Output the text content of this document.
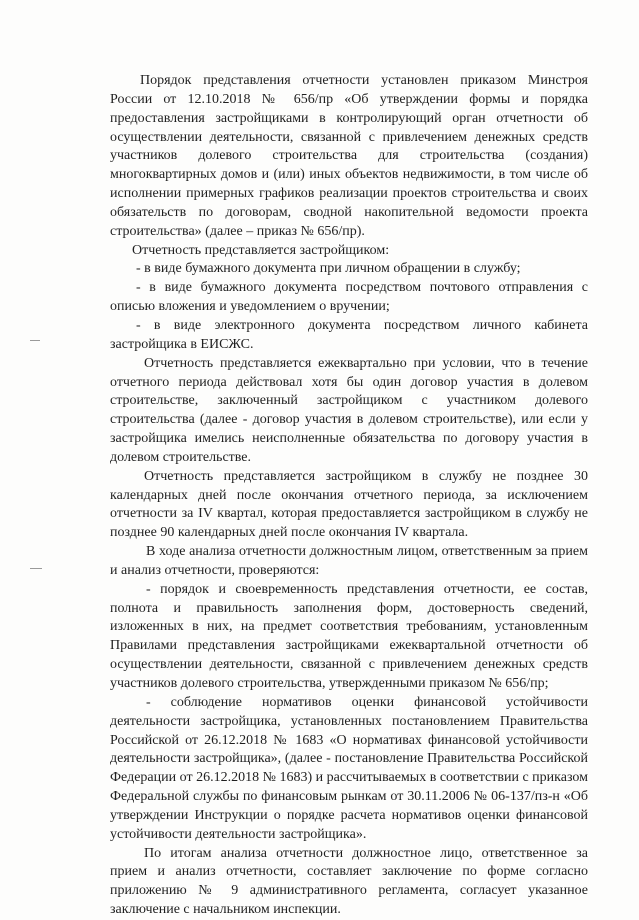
Порядок представления отчетности установлен приказом Минстроя России от 12.10.2018 № 656/пр «Об утверждении формы и порядка предоставления застройщиками в контролирующий орган отчетности об осуществлении деятельности, связанной с привлечением денежных средств участников долевого строительства для строительства (создания) многоквартирных домов и (или) иных объектов недвижимости, в том числе об исполнении примерных графиков реализации проектов строительства и своих обязательств по договорам, сводной накопительной ведомости проекта строительства» (далее – приказ № 656/пр).

Отчетность представляется застройщиком:

- в виде бумажного документа при личном обращении в службу;

- в виде бумажного документа посредством почтового отправления с описью вложения и уведомлением о вручении;

- в виде электронного документа посредством личного кабинета застройщика в ЕИСЖС.

Отчетность представляется ежеквартально при условии, что в течение отчетного периода действовал хотя бы один договор участия в долевом строительстве, заключенный застройщиком с участником долевого строительства (далее - договор участия в долевом строительстве), или если у застройщика имелись неисполненные обязательства по договору участия в долевом строительстве.

Отчетность представляется застройщиком в службу не позднее 30 календарных дней после окончания отчетного периода, за исключением отчетности за IV квартал, которая предоставляется застройщиком в службу не позднее 90 календарных дней после окончания IV квартала.

В ходе анализа отчетности должностным лицом, ответственным за прием и анализ отчетности, проверяются:

- порядок и своевременность представления отчетности, ее состав, полнота и правильность заполнения форм, достоверность сведений, изложенных в них, на предмет соответствия требованиям, установленным Правилами представления застройщиками ежеквартальной отчетности об осуществлении деятельности, связанной с привлечением денежных средств участников долевого строительства, утвержденными приказом № 656/пр;

- соблюдение нормативов оценки финансовой устойчивости деятельности застройщика, установленных постановлением Правительства Российской от 26.12.2018 № 1683 «О нормативах финансовой устойчивости деятельности застройщика», (далее - постановление Правительства Российской Федерации от 26.12.2018 № 1683) и рассчитываемых в соответствии с приказом Федеральной службы по финансовым рынкам от 30.11.2006 № 06-137/пз-н «Об утверждении Инструкции о порядке расчета нормативов оценки финансовой устойчивости деятельности застройщика».

По итогам анализа отчетности должностное лицо, ответственное за прием и анализ отчетности, составляет заключение по форме согласно приложению № 9 административного регламента, согласует указанное заключение с начальником инспекции.
